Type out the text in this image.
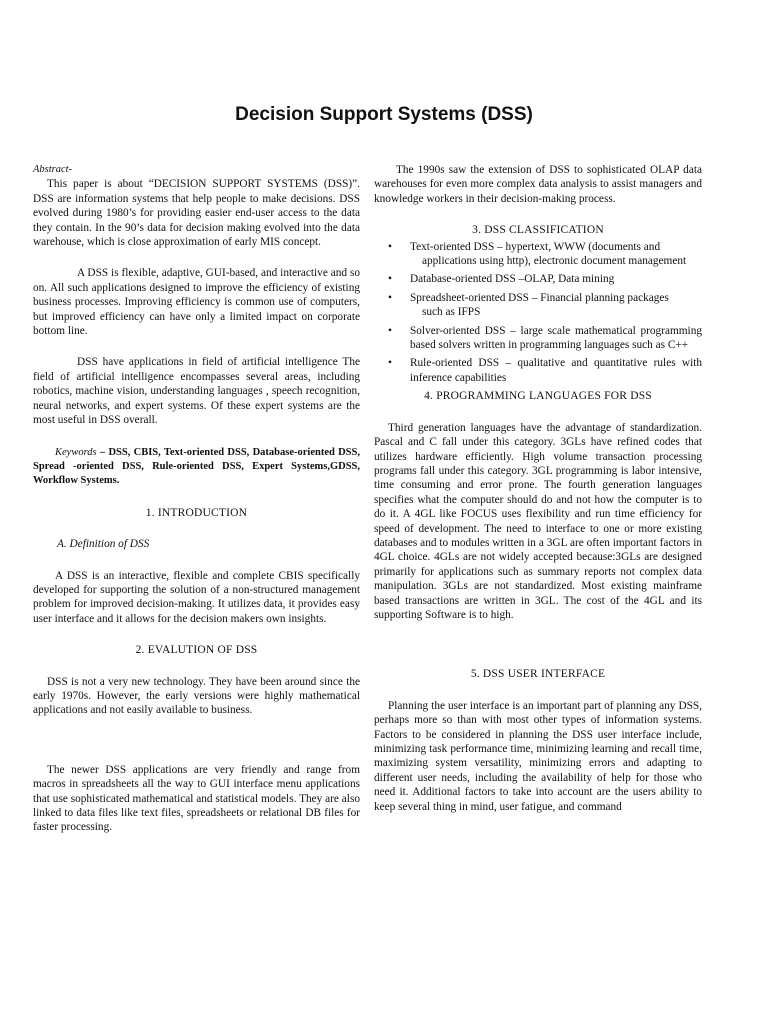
Decision Support Systems (DSS)

Abstract-

This paper is about “DECISION SUPPORT SYSTEMS (DSS)”. DSS are information systems that help people to make decisions. DSS evolved during 1980’s for providing easier end-user access to the data they contain. In the 90’s data for decision making evolved into the data warehouse, which is close approximation of early MIS concept.

A DSS is flexible, adaptive, GUI-based, and interactive and so on. All such applications designed to improve the efficiency of existing business processes. Improving efficiency is common use of computers, but improved efficiency can have only a limited impact on corporate bottom line.

DSS have applications in field of artificial intelligence The field of artificial intelligence encompasses several areas, including robotics, machine vision, understanding languages , speech recognition, neural networks, and expert systems. Of these expert systems are the most useful in DSS overall.

Keywords – DSS, CBIS, Text-oriented DSS, Database-oriented DSS, Spread -oriented DSS, Rule-oriented DSS, Expert Systems,GDSS, Workflow Systems.

1. INTRODUCTION

A. Definition of DSS

A DSS is an interactive, flexible and complete CBIS specifically developed for supporting the solution of a non-structured management problem for improved decision-making. It utilizes data, it provides easy user interface and it allows for the decision makers own insights.

2. EVALUTION OF DSS

DSS is not a very new technology. They have been around since the early 1970s. However, the early versions were highly mathematical applications and not easily available to business.

The newer DSS applications are very friendly and range from macros in spreadsheets all the way to GUI interface menu applications that use sophisticated mathematical and statistical models. They are also linked to data files like text files, spreadsheets or relational DB files for faster processing.

The 1990s saw the extension of DSS to sophisticated OLAP data warehouses for even more complex data analysis to assist managers and knowledge workers in their decision-making process.

3. DSS CLASSIFICATION

• Text-oriented DSS – hypertext, WWW (documents and
applications using http), electronic document management
• Database-oriented DSS –OLAP, Data mining
• Spreadsheet-oriented DSS – Financial planning packages
such as IFPS
• Solver-oriented DSS – large scale mathematical programming based solvers written in programming languages such as C++
• Rule-oriented DSS – qualitative and quantitative rules with inference capabilities

4. PROGRAMMING LANGUAGES FOR DSS

Third generation languages have the advantage of standardization. Pascal and C fall under this category. 3GLs have refined codes that utilizes hardware efficiently. High volume transaction processing programs fall under this category. 3GL programming is labor intensive, time consuming and error prone. The fourth generation languages specifies what the computer should do and not how the computer is to do it. A 4GL like FOCUS uses flexibility and run time efficiency for speed of development. The need to interface to one or more existing databases and to modules written in a 3GL are often important factors in 4GL choice. 4GLs are not widely accepted because:3GLs are designed primarily for applications such as summary reports not complex data manipulation. 3GLs are not standardized. Most existing mainframe based transactions are written in 3GL. The cost of the 4GL and its supporting Software is to high.

5. DSS USER INTERFACE

Planning the user interface is an important part of planning any DSS, perhaps more so than with most other types of information systems. Factors to be considered in planning the DSS user interface include, minimizing task performance time, minimizing learning and recall time, maximizing system versatility, minimizing errors and adapting to different user needs, including the availability of help for those who need it. Additional factors to take into account are the users ability to keep several thing in mind, user fatigue, and command
